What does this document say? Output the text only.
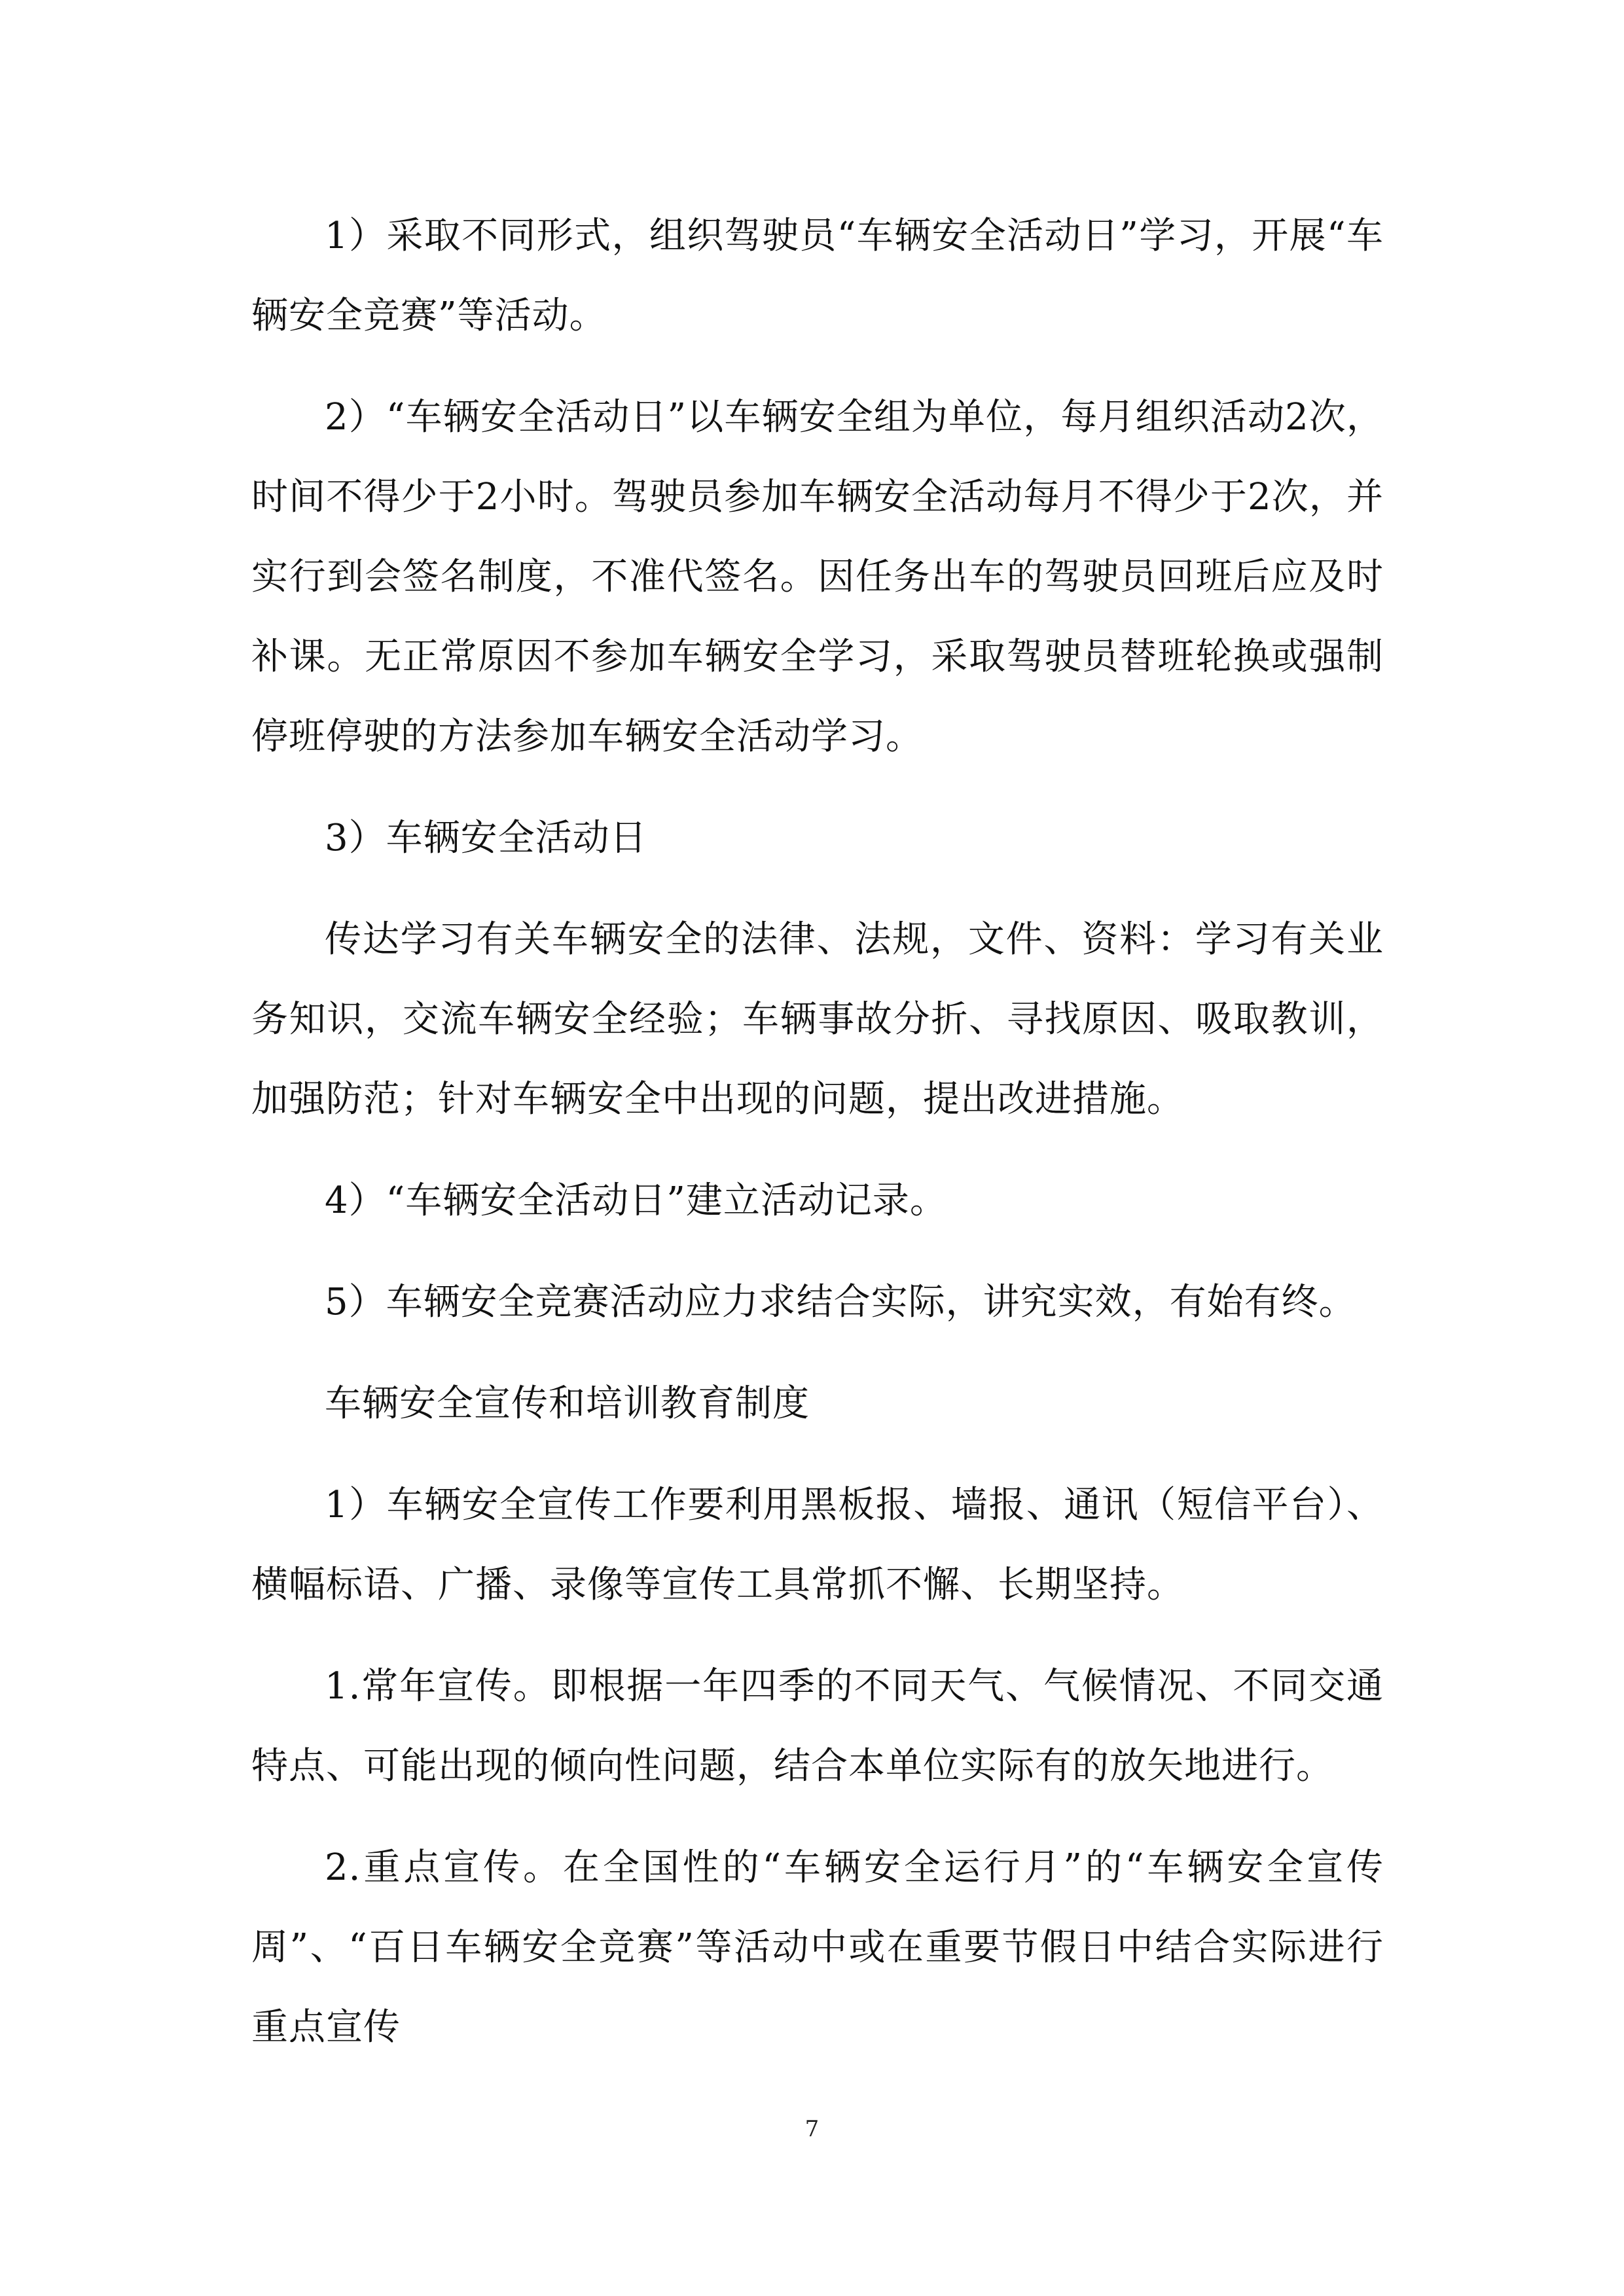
1）采取不同形式，组织驾驶员“车辆安全活动日”学习，开展“车辆安全竞赛”等活动。

2）“车辆安全活动日”以车辆安全组为单位，每月组织活动2次，时间不得少于2小时。驾驶员参加车辆安全活动每月不得少于2次，并实行到会签名制度，不准代签名。因任务出车的驾驶员回班后应及时补课。无正常原因不参加车辆安全学习，采取驾驶员替班轮换或强制停班停驶的方法参加车辆安全活动学习。

3）车辆安全活动日

传达学习有关车辆安全的法律、法规，文件、资料：学习有关业务知识，交流车辆安全经验；车辆事故分折、寻找原因、吸取教训，加强防范；针对车辆安全中出现的问题，提出改进措施。

4）“车辆安全活动日”建立活动记录。

5）车辆安全竞赛活动应力求结合实际，讲究实效，有始有终。

车辆安全宣传和培训教育制度

1）车辆安全宣传工作要利用黑板报、墙报、通讯（短信平台）、横幅标语、广播、录像等宣传工具常抓不懈、长期坚持。

1.常年宣传。即根据一年四季的不同天气、气候情况、不同交通特点、可能出现的倾向性问题，结合本单位实际有的放矢地进行。

2.重点宣传。在全国性的“车辆安全运行月”的“车辆安全宣传周”、“百日车辆安全竞赛”等活动中或在重要节假日中结合实际进行重点宣传

7
